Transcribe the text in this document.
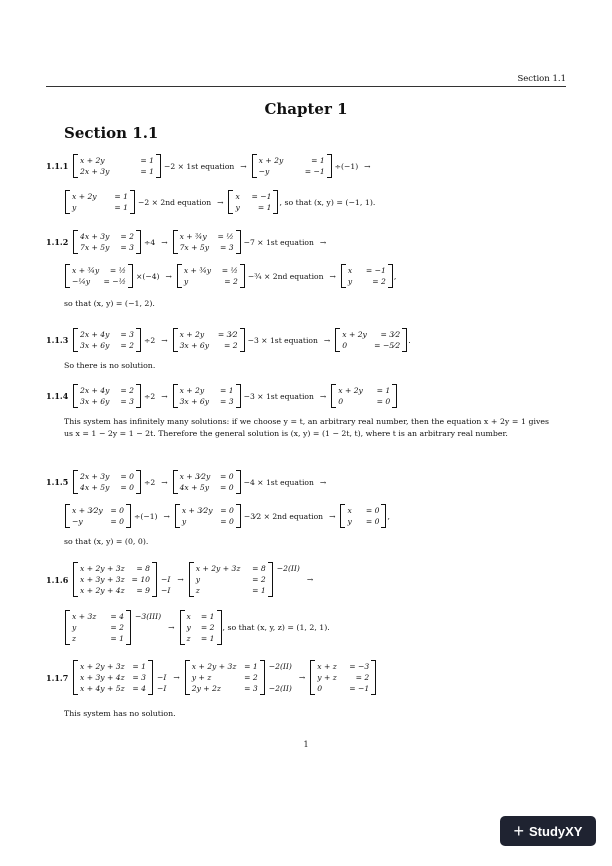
Section 1.1
Chapter 1
Section 1.1
1.1.1
x + 2y	= 1
2x + 3y	= 1
−2 × 1st equation →
x + 2y	= 1
−y	= −1
÷(−1) →
x + 2y	= 1
y	= 1
−2 × 2nd equation →
x	= −1
y	= 1
, so that (x, y) = (−1, 1).
1.1.2
4x + 3y	= 2
7x + 5y	= 3
÷4 →
x + ¾y	= ½
7x + 5y	= 3
−7 × 1st equation →
x + ¾y	= ½
−¼y	= −½
×(−4) →
x + ¾y	= ½
y	= 2
−¾ × 2nd equation →
x	= −1
y	= 2
,
so that (x, y) = (−1, 2).
1.1.3
2x + 4y	= 3
3x + 6y	= 2
÷2 →
x + 2y	= 3⁄2
3x + 6y	= 2
−3 × 1st equation →
x + 2y	= 3⁄2
0	= −5⁄2
.
So there is no solution.
1.1.4
2x + 4y	= 2
3x + 6y	= 3
÷2 →
x + 2y	= 1
3x + 6y	= 3
−3 × 1st equation →
x + 2y	= 1
0	= 0
This system has infinitely many solutions: if we choose y = t, an arbitrary real number, then the equation x + 2y = 1 gives us x = 1 − 2y = 1 − 2t. Therefore the general solution is (x, y) = (1 − 2t, t), where t is an arbitrary real number.
1.1.5
2x + 3y	= 0
4x + 5y	= 0
÷2 →
x + 3⁄2y	= 0
4x + 5y	= 0
−4 × 1st equation →
x + 3⁄2y	= 0
−y	= 0
÷(−1) →
x + 3⁄2y	= 0
y	= 0
−3⁄2 × 2nd equation →
x	= 0
y	= 0
,
so that (x, y) = (0, 0).
1.1.6
x + 2y + 3z	= 8
x + 3y + 3z = 10
x + 2y + 4z	= 9
−I
−I
→
x + 2y + 3z	= 8
y	= 2
z	= 1
−2(II)
→
x + 3z	= 4
y	= 2
z	= 1
−3(III)
→
x	= 1
y	= 2
z	= 1
, so that (x, y, z) = (1, 2, 1).
1.1.7
x + 2y + 3z	= 1
x + 3y + 4z	= 3
x + 4y + 5z	= 4
−I
−I
→
x + 2y + 3z	= 1
y + z	= 2
2y + 2z	= 3
−2(II)
−2(II)
→
x + z	= −3
y + z	= 2
0	= −1
This system has no solution.
1
+ StudyXY
